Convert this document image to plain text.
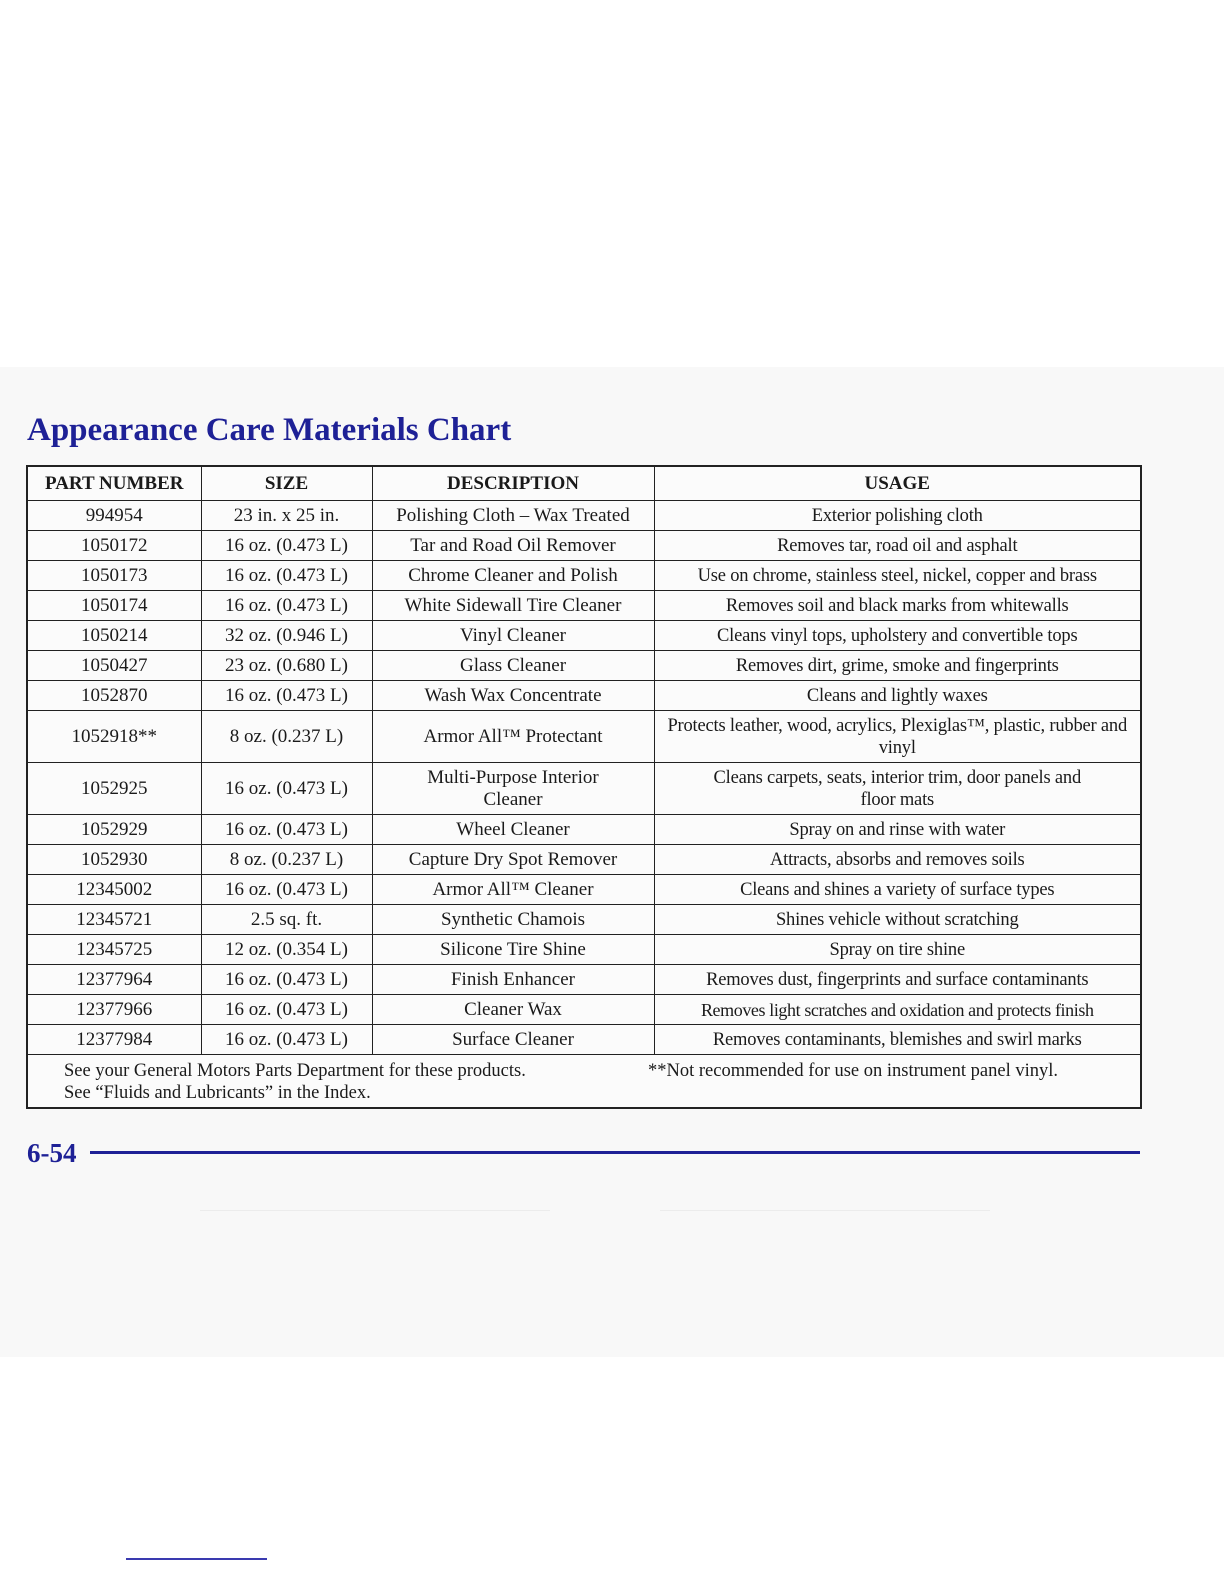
Appearance Care Materials Chart
PART NUMBER	SIZE	DESCRIPTION	USAGE
994954	23 in. x 25 in.	Polishing Cloth – Wax Treated	Exterior polishing cloth
1050172	16 oz. (0.473 L)	Tar and Road Oil Remover	Removes tar, road oil and asphalt
1050173	16 oz. (0.473 L)	Chrome Cleaner and Polish	Use on chrome, stainless steel, nickel, copper and brass
1050174	16 oz. (0.473 L)	White Sidewall Tire Cleaner	Removes soil and black marks from whitewalls
1050214	32 oz. (0.946 L)	Vinyl Cleaner	Cleans vinyl tops, upholstery and convertible tops
1050427	23 oz. (0.680 L)	Glass Cleaner	Removes dirt, grime, smoke and fingerprints
1052870	16 oz. (0.473 L)	Wash Wax Concentrate	Cleans and lightly waxes
1052918**	8 oz. (0.237 L)	Armor All™ Protectant	Protects leather, wood, acrylics, Plexiglas™, plastic, rubber and vinyl
1052925	16 oz. (0.473 L)	Multi-Purpose Interior Cleaner	Cleans carpets, seats, interior trim, door panels and floor mats
1052929	16 oz. (0.473 L)	Wheel Cleaner	Spray on and rinse with water
1052930	8 oz. (0.237 L)	Capture Dry Spot Remover	Attracts, absorbs and removes soils
12345002	16 oz. (0.473 L)	Armor All™ Cleaner	Cleans and shines a variety of surface types
12345721	2.5 sq. ft.	Synthetic Chamois	Shines vehicle without scratching
12345725	12 oz. (0.354 L)	Silicone Tire Shine	Spray on tire shine
12377964	16 oz. (0.473 L)	Finish Enhancer	Removes dust, fingerprints and surface contaminants
12377966	16 oz. (0.473 L)	Cleaner Wax	Removes light scratches and oxidation and protects finish
12377984	16 oz. (0.473 L)	Surface Cleaner	Removes contaminants, blemishes and swirl marks

See your General Motors Parts Department for these products.
See “Fluids and Lubricants” in the Index.
**Not recommended for use on instrument panel vinyl.			
6-54
